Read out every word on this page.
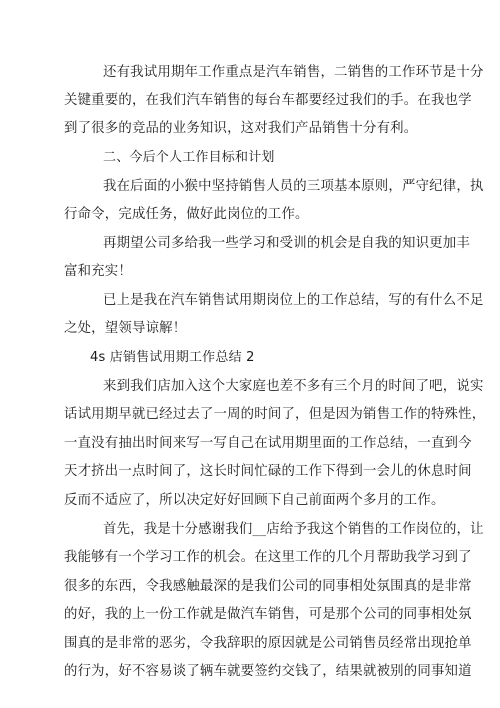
还有我试用期年工作重点是汽车销售，二销售的工作环节是十分
关键重要的，在我们汽车销售的每台车都要经过我们的手。在我也学
到了很多的竞品的业务知识，这对我们产品销售十分有利。
二、今后个人工作目标和计划
我在后面的小猴中坚持销售人员的三项基本原则，严守纪律，执
行命令，完成任务，做好此岗位的工作。
再期望公司多给我一些学习和受训的机会是自我的知识更加丰
富和充实！
已上是我在汽车销售试用期岗位上的工作总结，写的有什么不足
之处，望领导谅解！
4s 店销售试用期工作总结 2
来到我们店加入这个大家庭也差不多有三个月的时间了吧，说实
话试用期早就已经过去了一周的时间了，但是因为销售工作的特殊性，
一直没有抽出时间来写一写自己在试用期里面的工作总结，一直到今
天才挤出一点时间了，这长时间忙碌的工作下得到一会儿的休息时间
反而不适应了，所以决定好好回顾下自己前面两个多月的工作。
首先，我是十分感谢我们__店给予我这个销售的工作岗位的，让
我能够有一个学习工作的机会。在这里工作的几个月帮助我学习到了
很多的东西，令我感触最深的是我们公司的同事相处氛围真的是非常
的好，我的上一份工作就是做汽车销售，可是那个公司的同事相处氛
围真的是非常的恶劣，令我辞职的原因就是公司销售员经常出现抢单
的行为，好不容易谈了辆车就要签约交钱了，结果就被别的同事知道
